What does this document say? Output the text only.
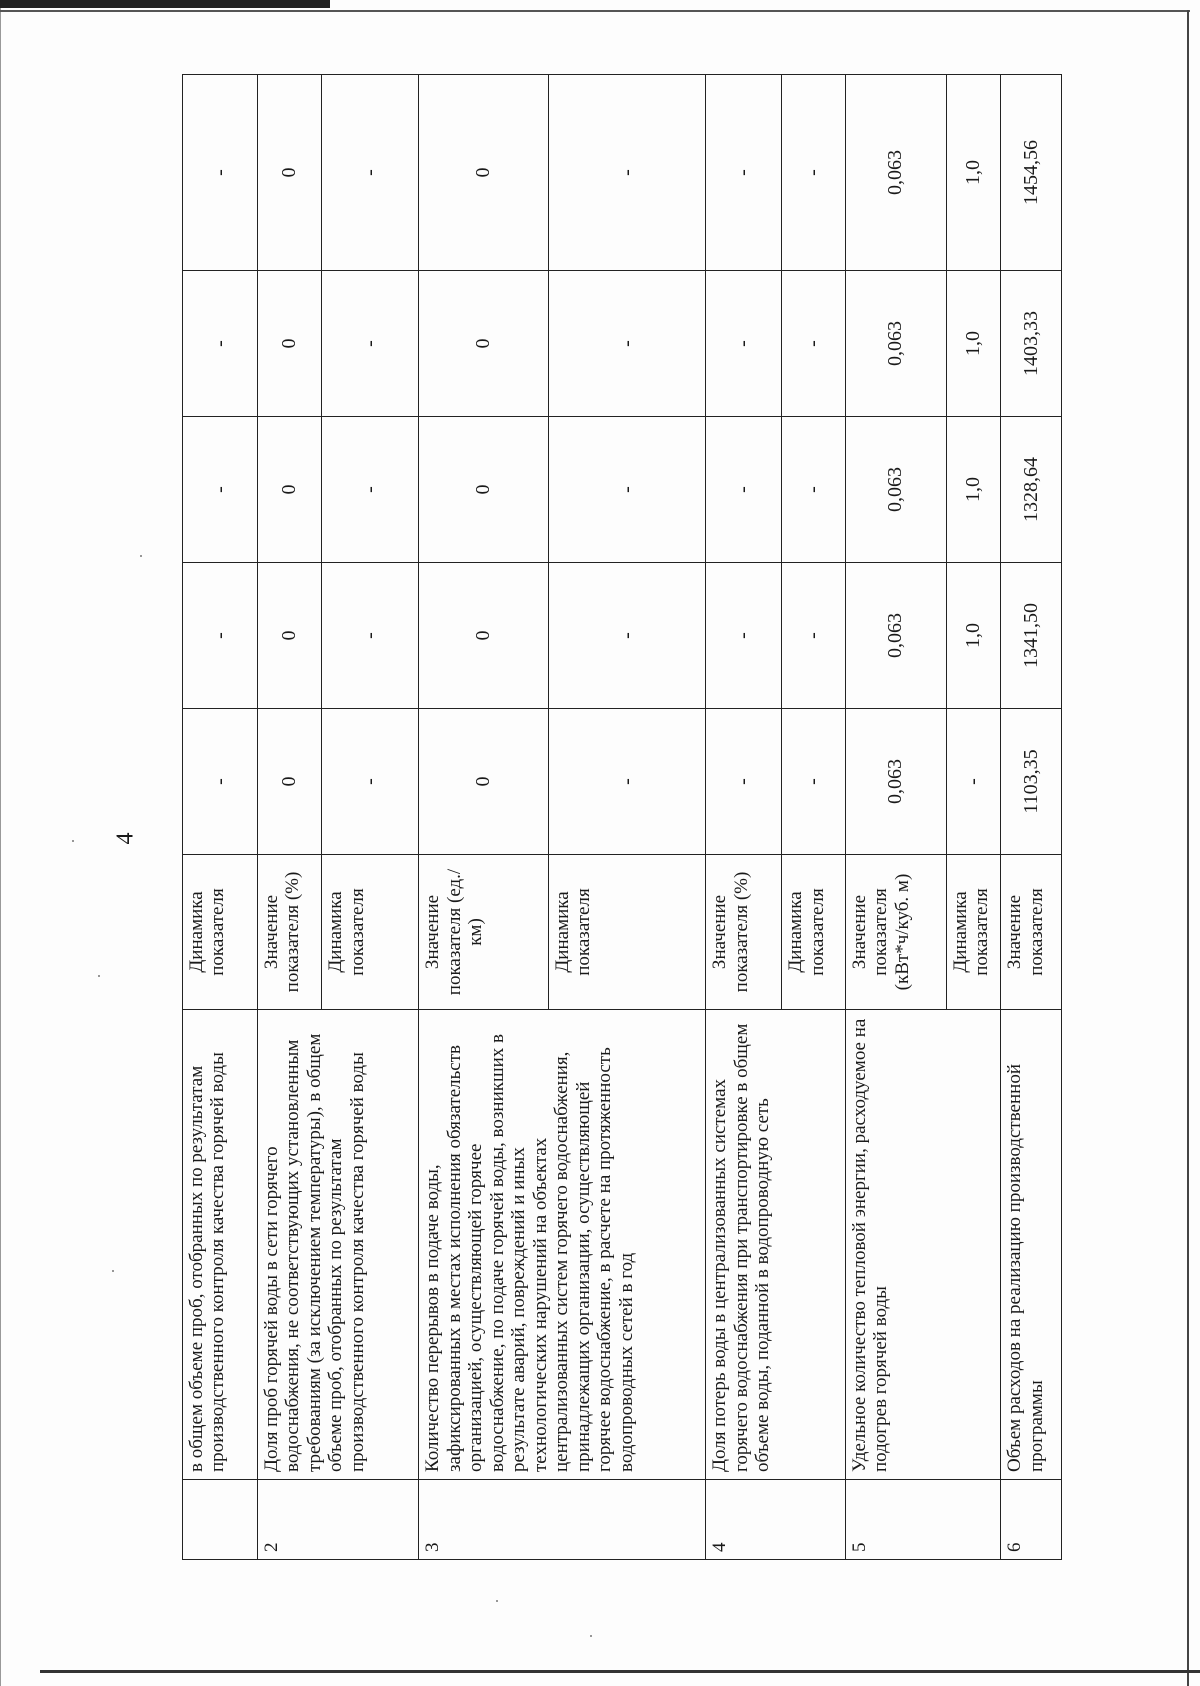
4
	в общем объеме проб, отобранных по результатам производственного контроля качества горячей воды	Динамика показателя	-	-	-	-	-
2	Доля проб горячей воды в сети горячего водоснабжения, не соответствующих установленным требованиям (за исключением температуры), в общем объеме проб, отобранных по результатам производственного контроля качества горячей воды	Значение показателя (%)	0	0	0	0	0
		Динамика показателя	-	-	-	-	-
3	Количество перерывов в подаче воды, зафиксированных в местах исполнения обязательств организацией, осуществляющей горячее водоснабжение, по подаче горячей воды, возникших в результате аварий, повреждений и иных технологических нарушений на объектах централизованных систем горячего водоснабжения, принадлежащих организации, осуществляющей горячее водоснабжение, в расчете на протяженность водопроводных сетей в год	Значение показателя (ед./км)	0	0	0	0	0
		Динамика показателя	-	-	-	-	-
4	Доля потерь воды в централизованных системах горячего водоснабжения при транспортировке в общем объеме воды, поданной в водопроводную сеть	Значение показателя (%)	-	-	-	-	-
		Динамика показателя	-	-	-	-	-
5	Удельное количество тепловой энергии, расходуемое на подогрев горячей воды	Значение показателя (кВт*ч/куб. м)	0,063	0,063	0,063	0,063	0,063
		Динамика показателя	-	1,0	1,0	1,0	1,0
6	Объем расходов на реализацию производственной программы	Значение показателя	1103,35	1341,50	1328,64	1403,33	1454,56
